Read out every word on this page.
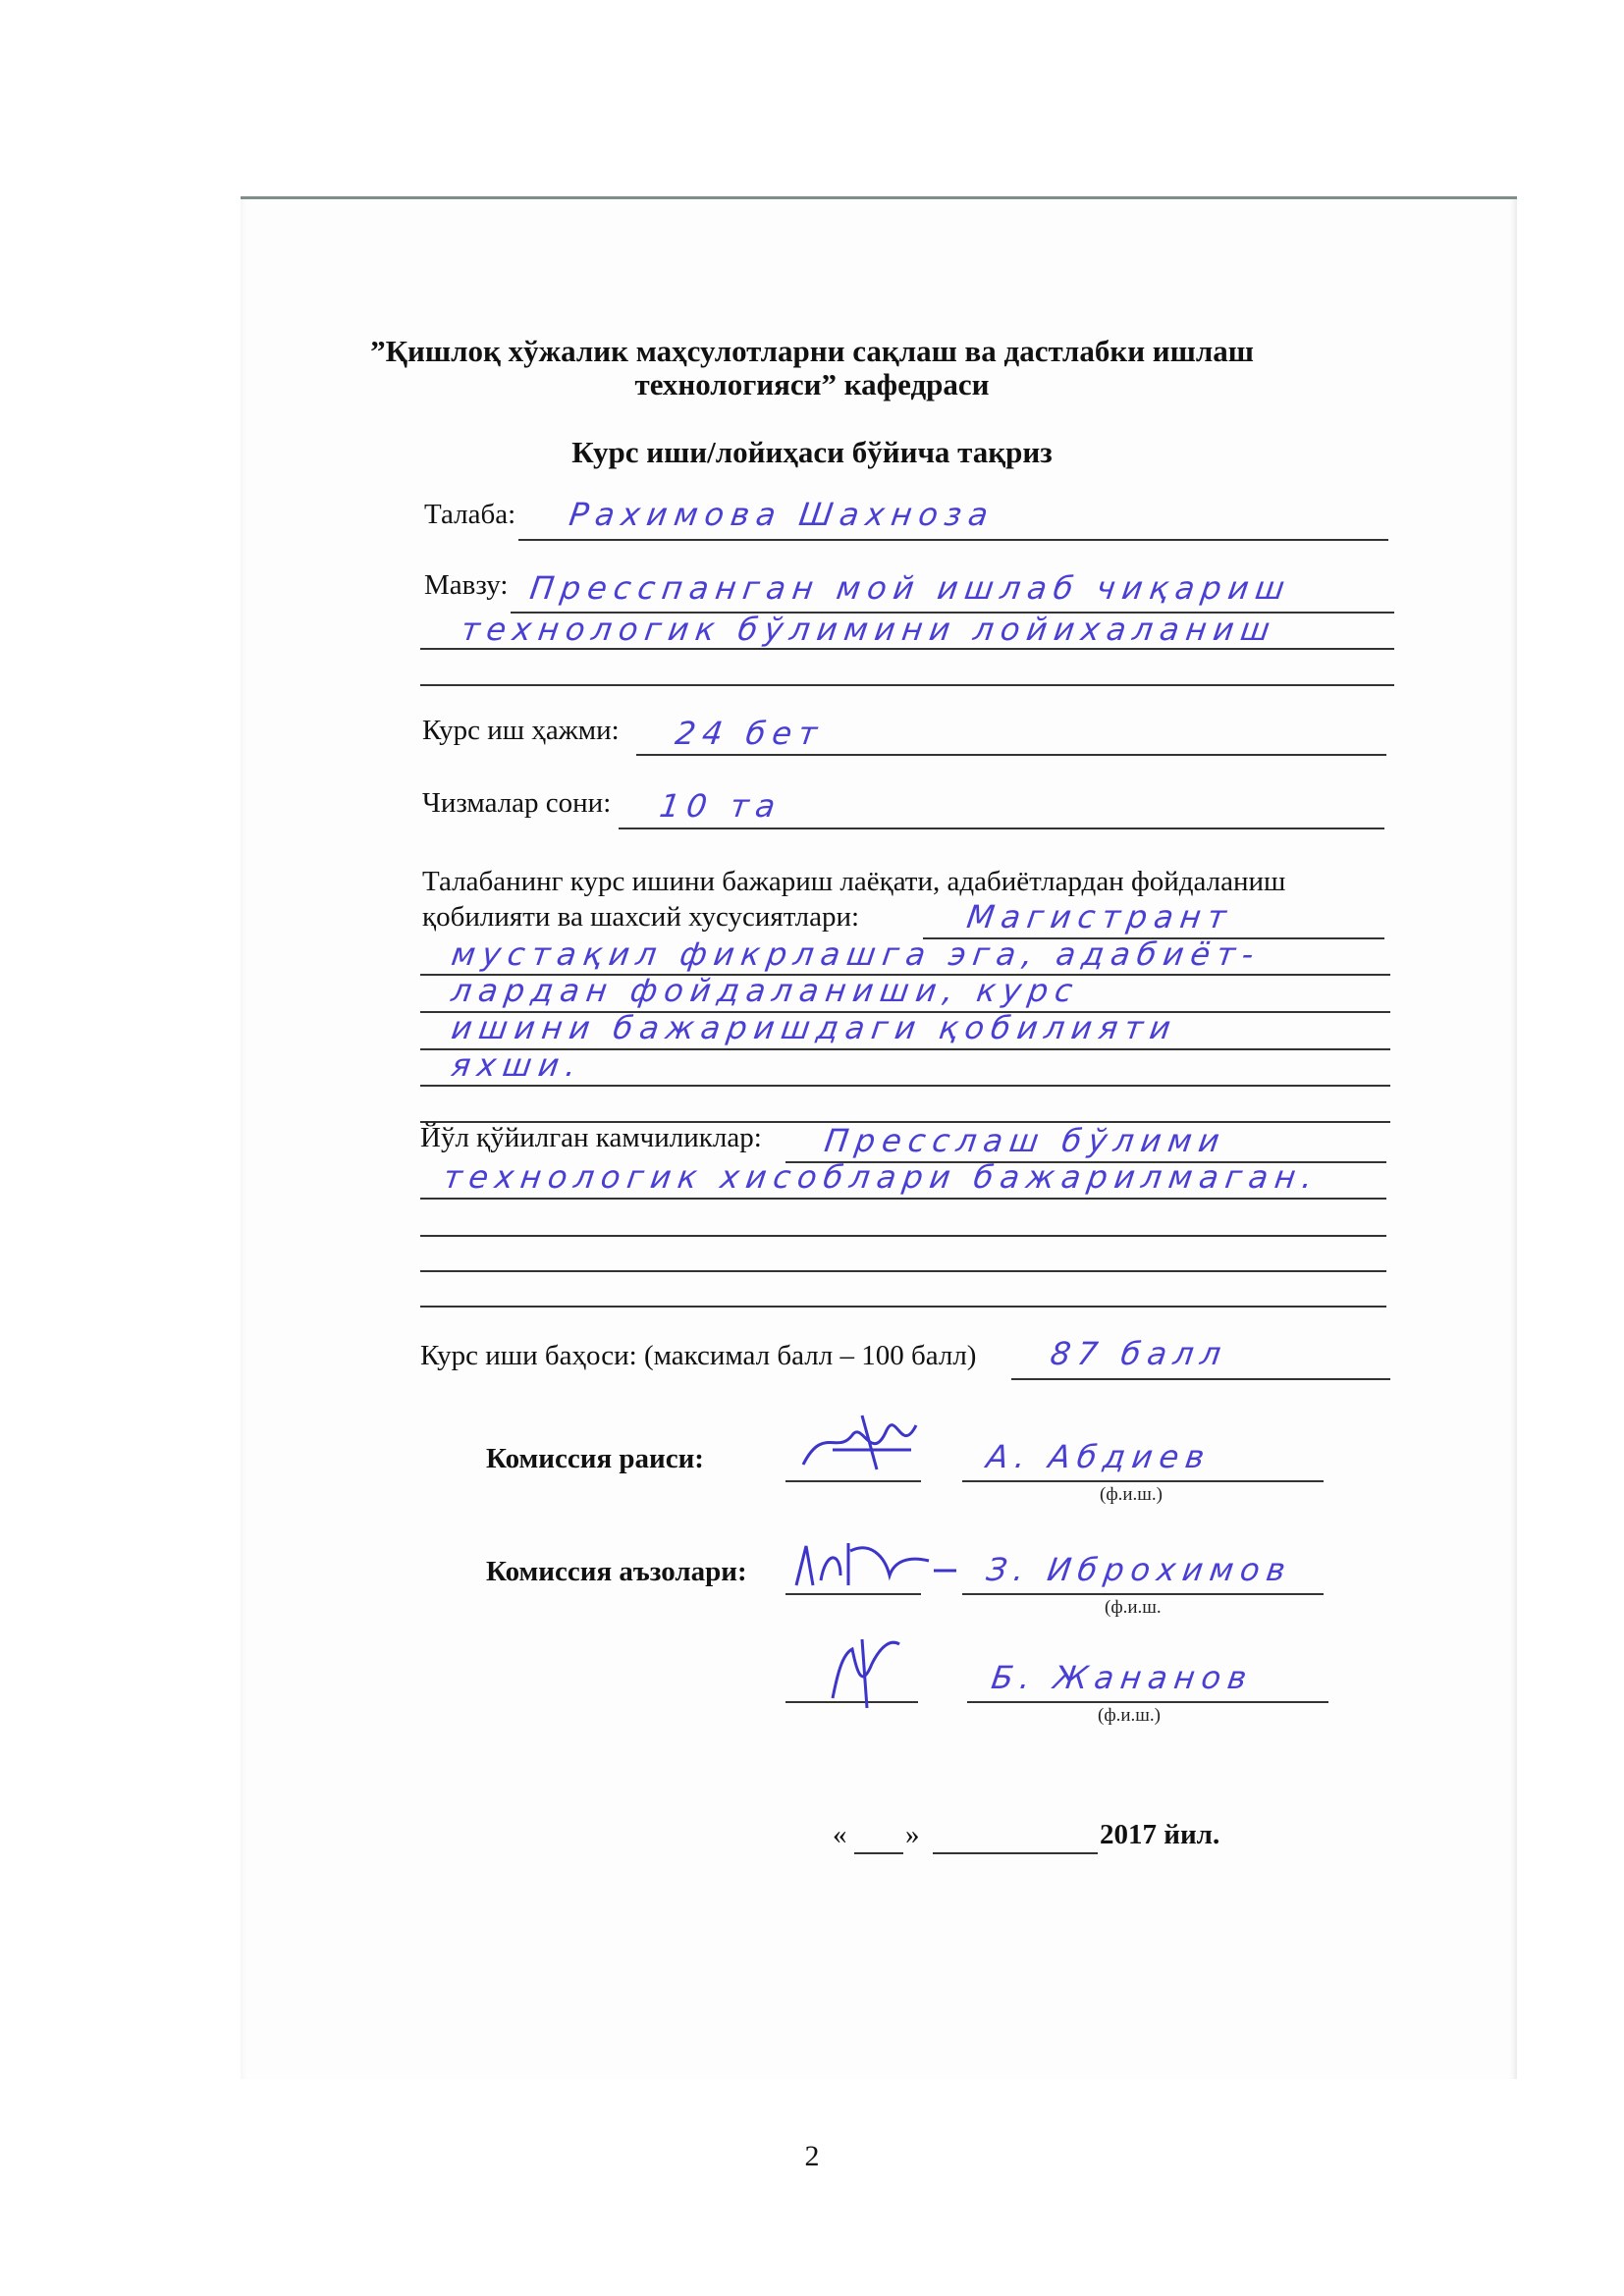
”Қишлоқ хўжалик маҳсулотларни сақлаш ва дастлабки ишлаш
технологияси” кафедраси
Курс иши/лойиҳаси бўйича тақриз
Талаба: Рахимова Шахноза
Мавзу: Пресспанган мой ишлаб чиқариш
технологик бўлимини лойихаланиш
Курс иш ҳажми: 24 бет
Чизмалар сони: 10 та
Талабанинг курс ишини бажариш лаёқати, адабиётлардан фойдаланиш
қобилияти ва шахсий хусусиятлари:	Магистрант
мустақил фикрлашга эга, адабиёт-
лардан фойдаланиши, курс
ишини бажаришдаги қобилияти
яхши.
Йўл қўйилган камчиликлар: Пресслаш бўлими
технологик хисоблари бажарилмаган.
Курс иши баҳоси: (максимал балл – 100 балл) 87 балл
Комиссия раиси:	А. Абдиев
(ф.и.ш.)
Комиссия аъзолари:	З. Иброхимов
(ф.и.ш.
Б. Жананов
(ф.и.ш.)
« »	2017 йил.
2
